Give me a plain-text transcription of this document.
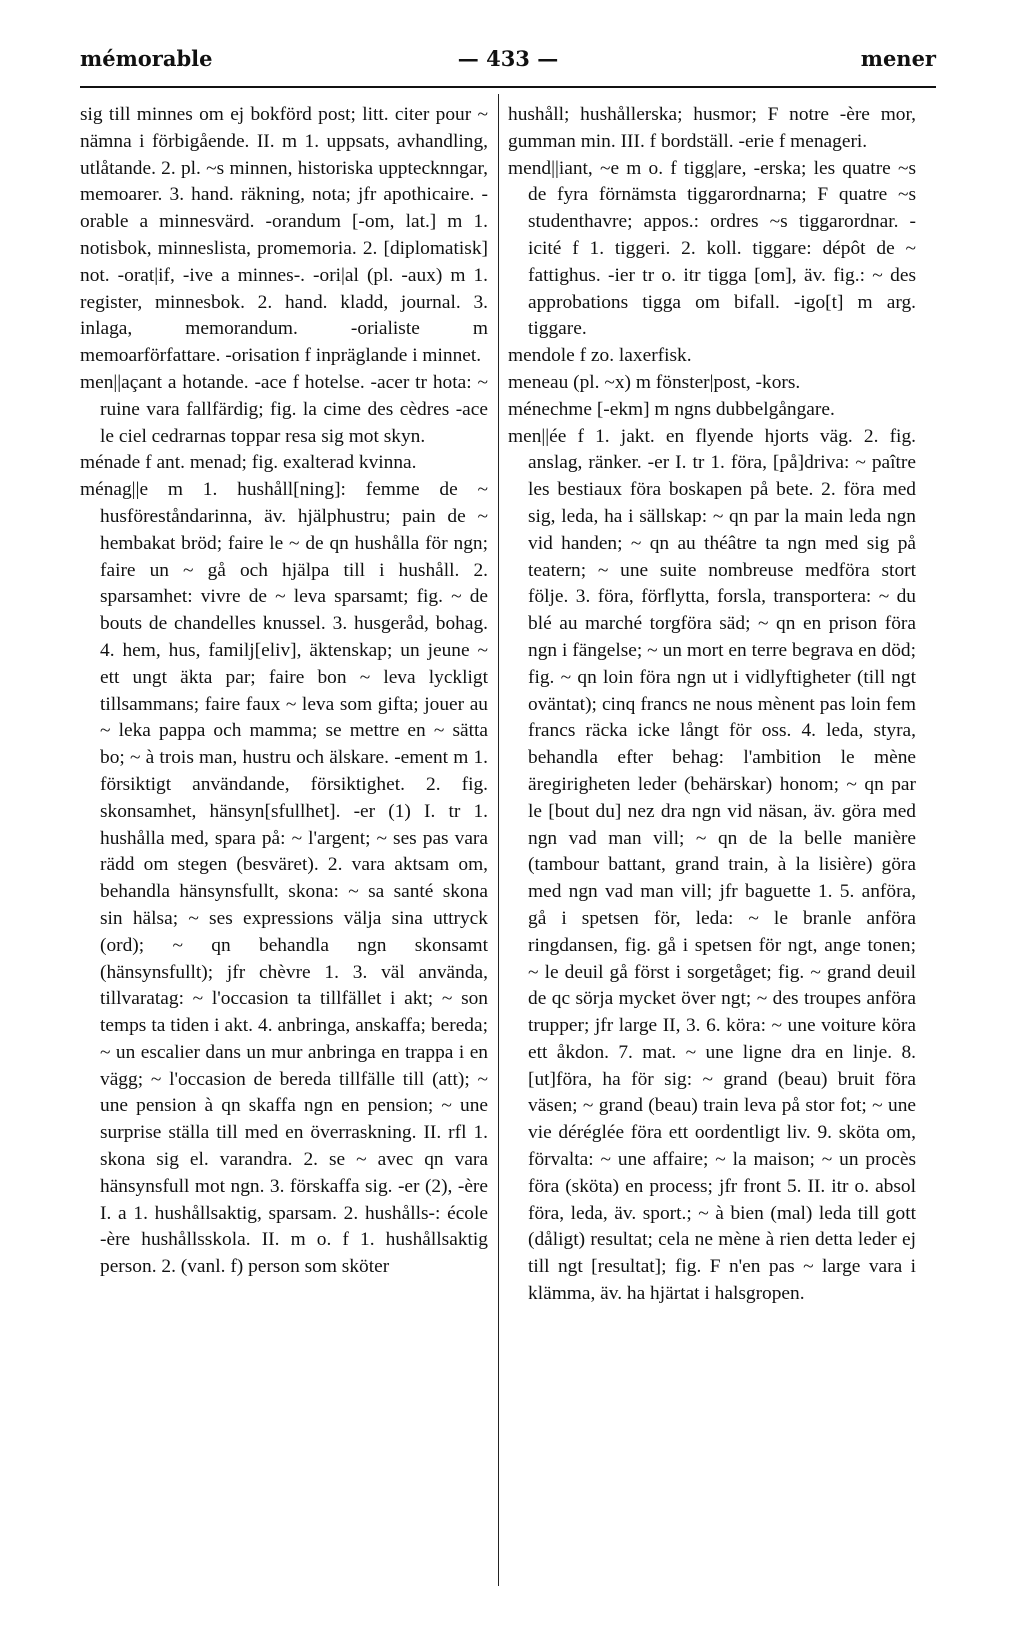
mémorable	— 433 —	mener

sig till minnes om ej bokförd post; litt. citer pour ~ nämna i förbigående. II. m 1. uppsats, avhandling, utlåtande. 2. pl. ~s minnen, historiska upptecknngar, memoarer. 3. hand. räkning, nota; jfr apothicaire. -orable a minnesvärd. -orandum [-om, lat.] m 1. notisbok, minneslista, promemoria. 2. [diplomatisk] not. -orat|if, -ive a minnes-. -ori|al (pl. -aux) m 1. register, minnesbok. 2. hand. kladd, journal. 3. inlaga, memorandum. -orialiste m memoarförfattare. -orisation f inpräglande i minnet.

men||açant a hotande. -ace f hotelse. -acer tr hota: ~ ruine vara fallfärdig; fig. la cime des cèdres -ace le ciel cedrarnas toppar resa sig mot skyn.

ménade f ant. menad; fig. exalterad kvinna.

ménag||e m 1. hushåll[ning]: femme de ~ husföreståndarinna, äv. hjälphustru; pain de ~ hembakat bröd; faire le ~ de qn hushålla för ngn; faire un ~ gå och hjälpa till i hushåll. 2. sparsamhet: vivre de ~ leva sparsamt; fig. ~ de bouts de chandelles knussel. 3. husgeråd, bohag. 4. hem, hus, familj[eliv], äktenskap; un jeune ~ ett ungt äkta par; faire bon ~ leva lyckligt tillsammans; faire faux ~ leva som gifta; jouer au ~ leka pappa och mamma; se mettre en ~ sätta bo; ~ à trois man, hustru och älskare. -ement m 1. försiktigt användande, försiktighet. 2. fig. skonsamhet, hänsyn[sfullhet]. -er (1) I. tr 1. hushålla med, spara på: ~ l'argent; ~ ses pas vara rädd om stegen (besväret). 2. vara aktsam om, behandla hänsynsfullt, skona: ~ sa santé skona sin hälsa; ~ ses expressions välja sina uttryck (ord); ~ qn behandla ngn skonsamt (hänsynsfullt); jfr chèvre 1. 3. väl använda, tillvaratag: ~ l'occasion ta tillfället i akt; ~ son temps ta tiden i akt. 4. anbringa, anskaffa; bereda; ~ un escalier dans un mur anbringa en trappa i en vägg; ~ l'occasion de bereda tillfälle till (att); ~ une pension à qn skaffa ngn en pension; ~ une surprise ställa till med en överraskning. II. rfl 1. skona sig el. varandra. 2. se ~ avec qn vara hänsynsfull mot ngn. 3. förskaffa sig. -er (2), -ère I. a 1. hushållsaktig, sparsam. 2. hushålls-: école -ère hushållsskola. II. m o. f 1. hushållsaktig person. 2. (vanl. f) person som sköter

hushåll; hushållerska; husmor; F notre -ère mor, gumman min. III. f bordställ. -erie f menageri.

mend||iant, ~e m o. f tigg|are, -erska; les quatre ~s de fyra förnämsta tiggarordnarna; F quatre ~s studenthavre; appos.: ordres ~s tiggarordnar. -icité f 1. tiggeri. 2. koll. tiggare: dépôt de ~ fattighus. -ier tr o. itr tigga [om], äv. fig.: ~ des approbations tigga om bifall. -igo[t] m arg. tiggare.

mendole f zo. laxerfisk.

meneau (pl. ~x) m fönster|post, -kors.

ménechme [-ekm] m ngns dubbelgångare.

men||ée f 1. jakt. en flyende hjorts väg. 2. fig. anslag, ränker. -er I. tr 1. föra, [på]driva: ~ paître les bestiaux föra boskapen på bete. 2. föra med sig, leda, ha i sällskap: ~ qn par la main leda ngn vid handen; ~ qn au théâtre ta ngn med sig på teatern; ~ une suite nombreuse medföra stort följe. 3. föra, förflytta, forsla, transportera: ~ du blé au marché torgföra säd; ~ qn en prison föra ngn i fängelse; ~ un mort en terre begrava en död; fig. ~ qn loin föra ngn ut i vidlyftigheter (till ngt oväntat); cinq francs ne nous mènent pas loin fem francs räcka icke långt för oss. 4. leda, styra, behandla efter behag: l'ambition le mène äregirigheten leder (behärskar) honom; ~ qn par le [bout du] nez dra ngn vid näsan, äv. göra med ngn vad man vill; ~ qn de la belle manière (tambour battant, grand train, à la lisière) göra med ngn vad man vill; jfr baguette 1. 5. anföra, gå i spetsen för, leda: ~ le branle anföra ringdansen, fig. gå i spetsen för ngt, ange tonen; ~ le deuil gå först i sorgetåget; fig. ~ grand deuil de qc sörja mycket över ngt; ~ des troupes anföra trupper; jfr large II, 3. 6. köra: ~ une voiture köra ett åkdon. 7. mat. ~ une ligne dra en linje. 8. [ut]föra, ha för sig: ~ grand (beau) bruit föra väsen; ~ grand (beau) train leva på stor fot; ~ une vie déréglée föra ett oordentligt liv. 9. sköta om, förvalta: ~ une affaire; ~ la maison; ~ un procès föra (sköta) en process; jfr front 5. II. itr o. absol föra, leda, äv. sport.; ~ à bien (mal) leda till gott (dåligt) resultat; cela ne mène à rien detta leder ej till ngt [resultat]; fig. F n'en pas ~ large vara i klämma, äv. ha hjärtat i halsgropen.
